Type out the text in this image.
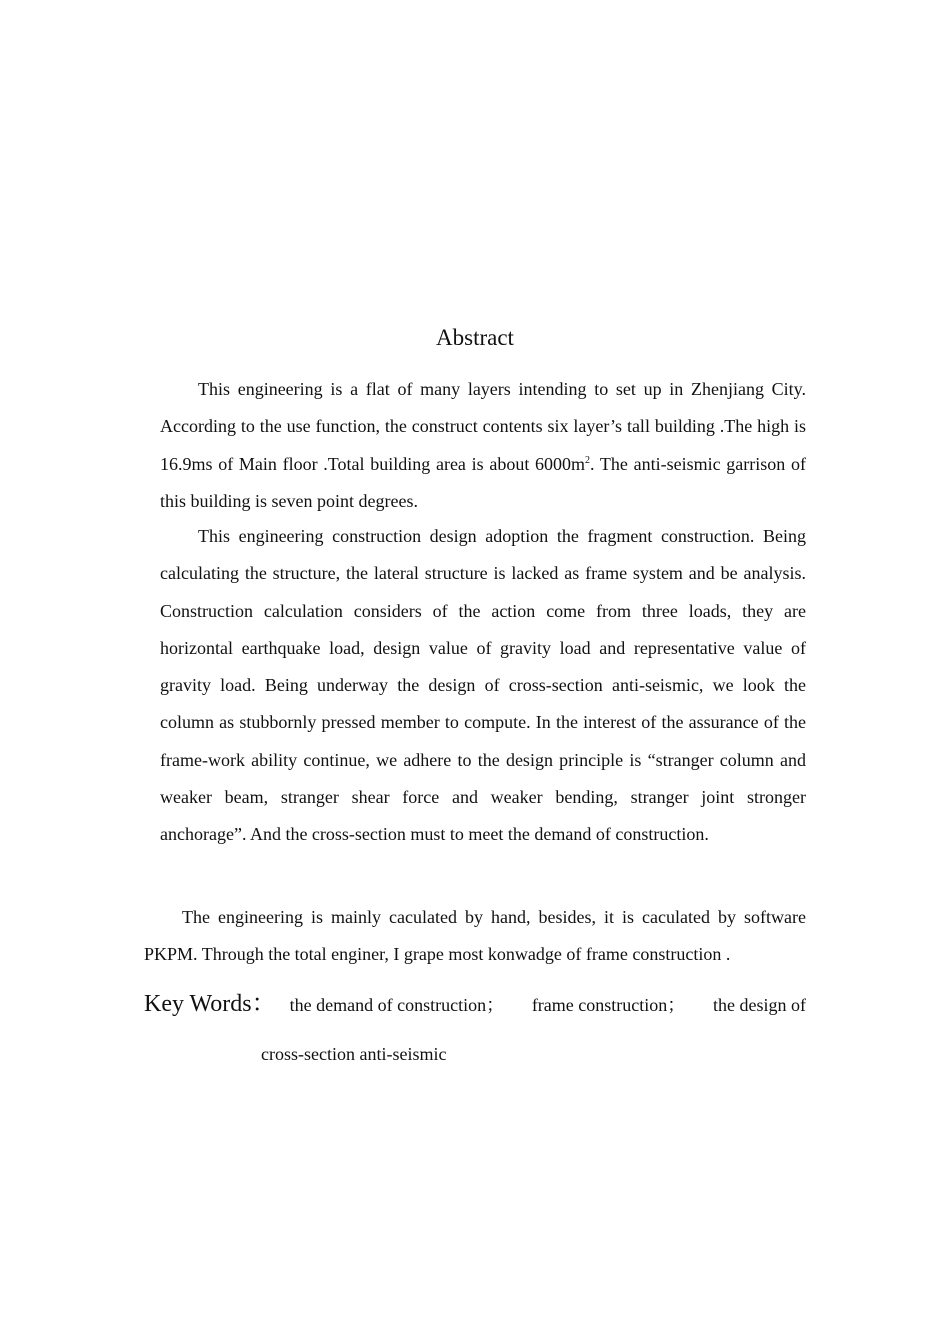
Abstract

This engineering is a flat of many layers intending to set up in Zhenjiang City. According to the use function, the construct contents six layer’s tall building .The high is 16.9ms of Main floor .Total building area is about $6000m^2$. The anti-seismic garrison of this building is seven point degrees.

This engineering construction design adoption the fragment construction. Being calculating the structure, the lateral structure is lacked as frame system and be analysis. Construction calculation considers of the action come from three loads, they are horizontal earthquake load, design value of gravity load and representative value of gravity load. Being underway the design of cross-section anti-seismic, we look the column as stubbornly pressed member to compute. In the interest of the assurance of the frame-work ability continue, we adhere to the design principle is “stranger column and weaker beam, stranger shear force and weaker bending, stranger joint stronger anchorage”. And the cross-section must to meet the demand of construction.

The engineering is mainly caculated by hand, besides, it is caculated by software PKPM. Through the total enginer, I grape most konwadge of frame construction .

Key Words： the demand of construction； frame construction； the design of

cross-section anti-seismic
